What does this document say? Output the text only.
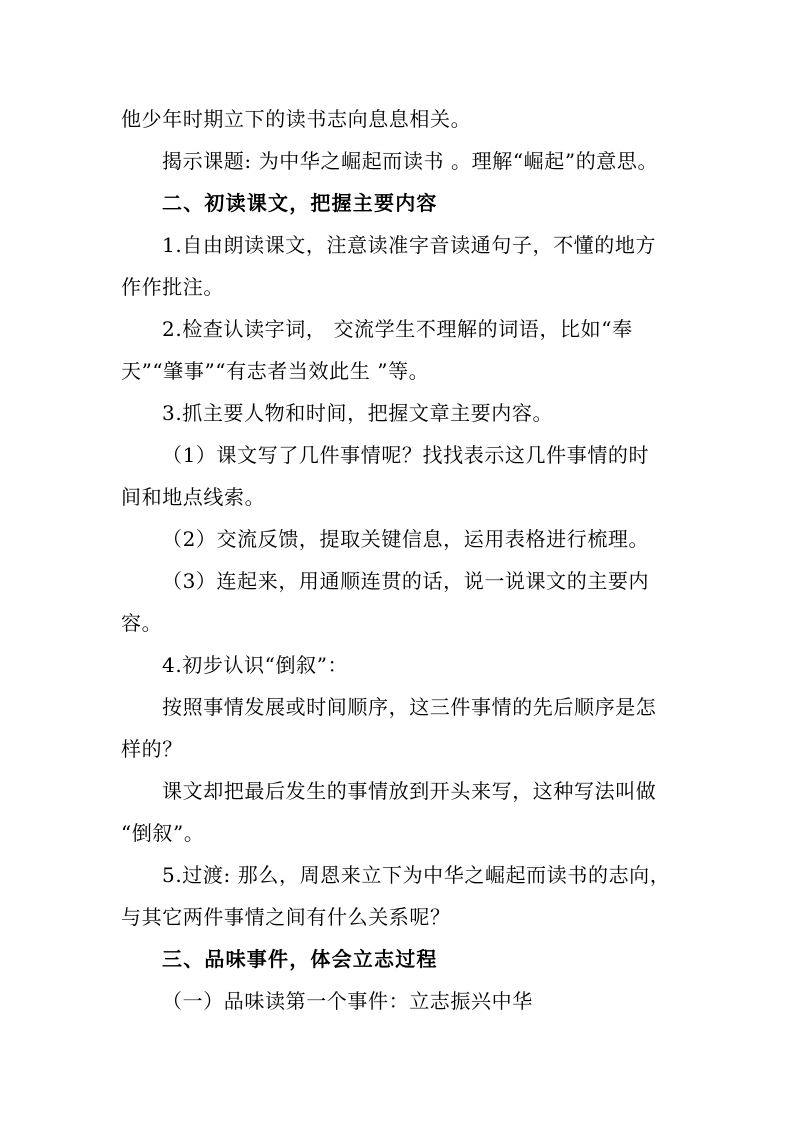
他少年时期立下的读书志向息息相关。
揭示课题: 为中华之崛起而读书 。理解“崛起”的意思。
二、初读课文，把握主要内容
1.自由朗读课文，注意读准字音读通句子，不懂的地方
作作批注。
2.检查认读字词， 交流学生不理解的词语，比如“奉
天”“肇事”“有志者当效此生 ”等。
3.抓主要人物和时间，把握文章主要内容。
（1）课文写了几件事情呢？找找表示这几件事情的时
间和地点线索。
（2）交流反馈，提取关键信息，运用表格进行梳理。
（3）连起来，用通顺连贯的话，说一说课文的主要内
容。
4.初步认识“倒叙”：
按照事情发展或时间顺序，这三件事情的先后顺序是怎
样的？
课文却把最后发生的事情放到开头来写，这种写法叫做
“倒叙”。
5.过渡: 那么，周恩来立下为中华之崛起而读书的志向，
与其它两件事情之间有什么关系呢？
三、品味事件，体会立志过程
（一）品味读第一个事件：立志振兴中华
